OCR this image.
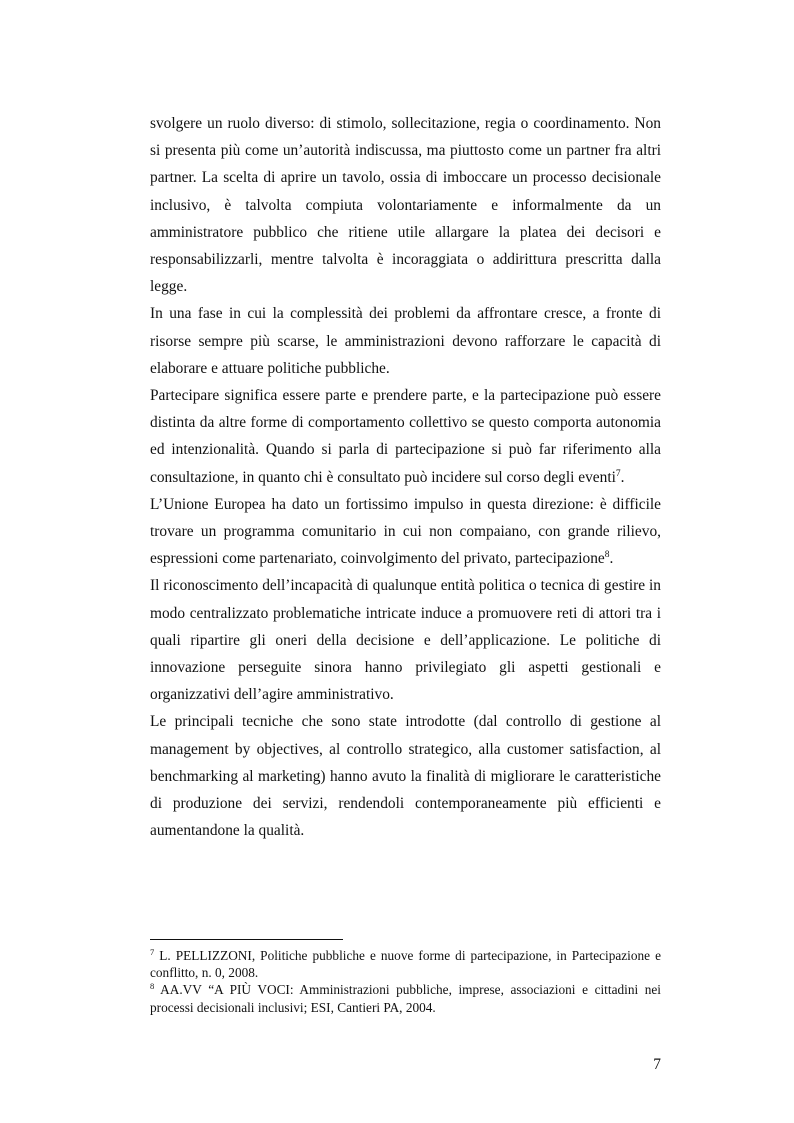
svolgere un ruolo diverso: di stimolo, sollecitazione, regia o coordinamento. Non si presenta più come un’autorità indiscussa, ma piuttosto come un partner fra altri partner. La scelta di aprire un tavolo, ossia di imboccare un processo decisionale inclusivo, è talvolta compiuta volontariamente e informalmente da un amministratore pubblico che ritiene utile allargare la platea dei decisori e responsabilizzarli, mentre talvolta è incoraggiata o addirittura prescritta dalla legge.

In una fase in cui la complessità dei problemi da affrontare cresce, a fronte di risorse sempre più scarse, le amministrazioni devono rafforzare le capacità di elaborare e attuare politiche pubbliche.

Partecipare significa essere parte e prendere parte, e la partecipazione può essere distinta da altre forme di comportamento collettivo se questo comporta autonomia ed intenzionalità. Quando si parla di partecipazione si può far riferimento alla consultazione, in quanto chi è consultato può incidere sul corso degli eventi$^7$.

L’Unione Europea ha dato un fortissimo impulso in questa direzione: è difficile trovare un programma comunitario in cui non compaiano, con grande rilievo, espressioni come partenariato, coinvolgimento del privato, partecipazione$^8$.

Il riconoscimento dell’incapacità di qualunque entità politica o tecnica di gestire in modo centralizzato problematiche intricate induce a promuovere reti di attori tra i quali ripartire gli oneri della decisione e dell’applicazione. Le politiche di innovazione perseguite sinora hanno privilegiato gli aspetti gestionali e organizzativi dell’agire amministrativo.

Le principali tecniche che sono state introdotte (dal controllo di gestione al management by objectives, al controllo strategico, alla customer satisfaction, al benchmarking al marketing) hanno avuto la finalità di migliorare le caratteristiche di produzione dei servizi, rendendoli contemporaneamente più efficienti e aumentandone la qualità.

$^7$ L. PELLIZZONI, Politiche pubbliche e nuove forme di partecipazione, in Partecipazione e conflitto, n. 0, 2008.

$^8$ AA.VV “A PIÙ VOCI: Amministrazioni pubbliche, imprese, associazioni e cittadini nei processi decisionali inclusivi; ESI, Cantieri PA, 2004.

7
